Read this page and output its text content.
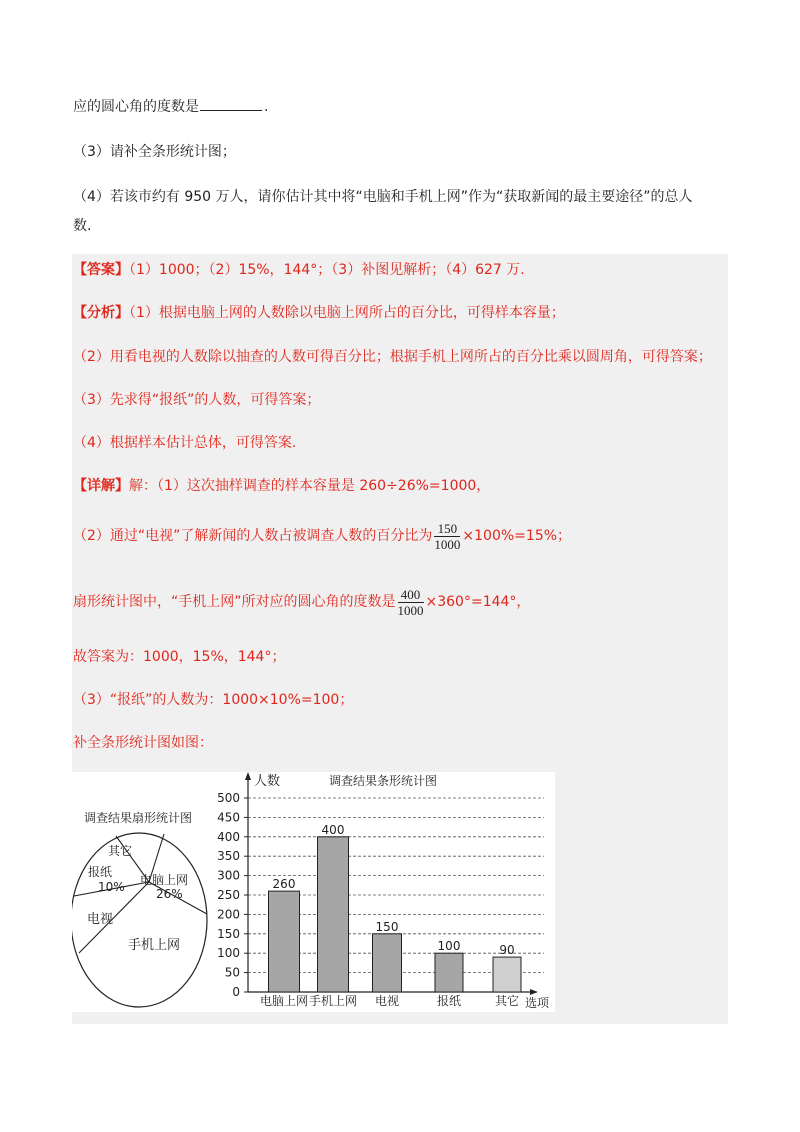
应的圆心角的度数是	.
（3）请补全条形统计图；
（4）若该市约有 950 万人，请你估计其中将“电脑和手机上网”作为“获取新闻的最主要途径”的总人
数.
【答案】（1）1000；（2）15%，144°；（3）补图见解析；（4）627 万.
【分析】（1）根据电脑上网的人数除以电脑上网所占的百分比，可得样本容量；
（2）用看电视的人数除以抽查的人数可得百分比；根据手机上网所占的百分比乘以圆周角，可得答案；
（3）先求得“报纸”的人数，可得答案；
（4）根据样本估计总体，可得答案.
【详解】解：（1）这次抽样调查的样本容量是 260÷26%=1000，
（2）通过“电视”了解新闻的人数占被调查人数的百分比为 $\frac{150}{1000} \times 100\%=15\%$；
扇形统计图中，“手机上网”所对应的圆心角的度数是 $\frac{400}{1000} \times 360^\circ=144^\circ$，
故答案为：1000，15%，144°；
（3）“报纸”的人数为：1000×10%=100；
补全条形统计图如图：
调查结果扇形统计图
其它
报纸
10% 电脑上网
26%
电视
手机上网
人数	调查结果条形统计图
0
50
100
150
200
250
300
350
400
450
500
260
400
150
100	90
电脑上网 手机上网 电视	报纸	其它 选项
